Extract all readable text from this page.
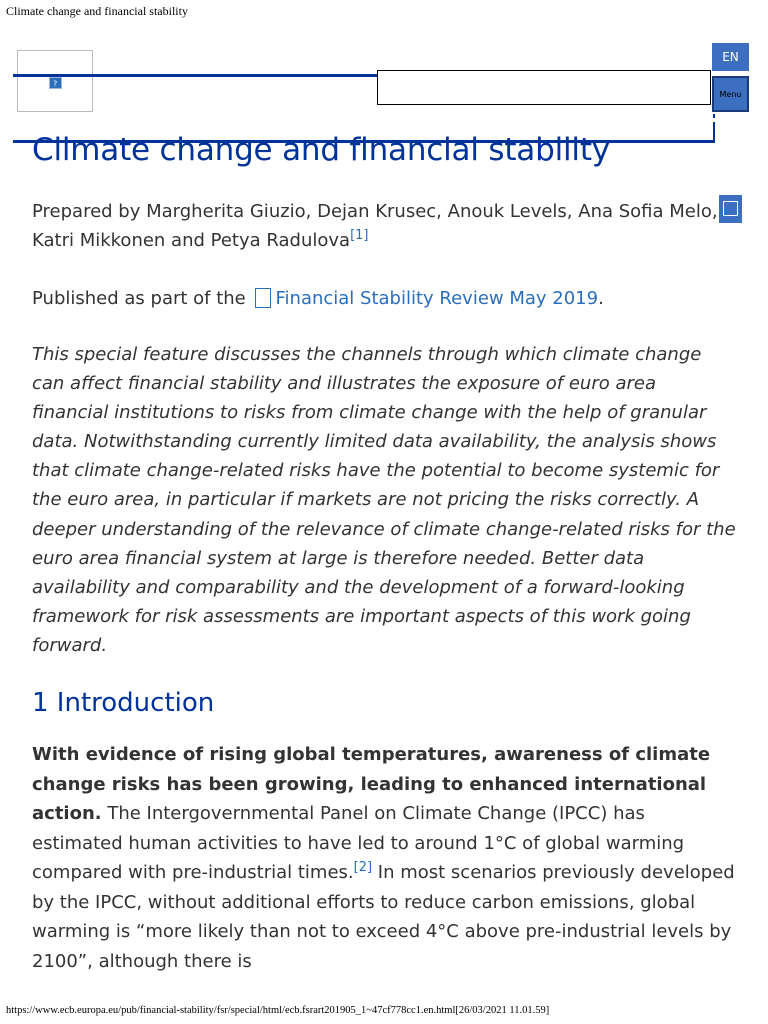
Climate change and financial stability
?
EN
Menu
Climate change and financial stability

Prepared by Margherita Giuzio, Dejan Krusec, Anouk Levels, Ana Sofia Melo, Katri Mikkonen and Petya Radulova[1]

Published as part of the Financial Stability Review May 2019.

This special feature discusses the channels through which climate change can affect financial stability and illustrates the exposure of euro area financial institutions to risks from climate change with the help of granular data. Notwithstanding currently limited data availability, the analysis shows that climate change-related risks have the potential to become systemic for the euro area, in particular if markets are not pricing the risks correctly. A deeper understanding of the relevance of climate change-related risks for the euro area financial system at large is therefore needed. Better data availability and comparability and the development of a forward-looking framework for risk assessments are important aspects of this work going forward.

1 Introduction

With evidence of rising global temperatures, awareness of climate change risks has been growing, leading to enhanced international action. The Intergovernmental Panel on Climate Change (IPCC) has estimated human activities to have led to around 1°C of global warming compared with pre-industrial times.[2] In most scenarios previously developed by the IPCC, without additional efforts to reduce carbon emissions, global warming is “more likely than not to exceed 4°C above pre-industrial levels by 2100”, although there is

https://www.ecb.europa.eu/pub/financial-stability/fsr/special/html/ecb.fsrart201905_1~47cf778cc1.en.html[26/03/2021 11.01.59]
